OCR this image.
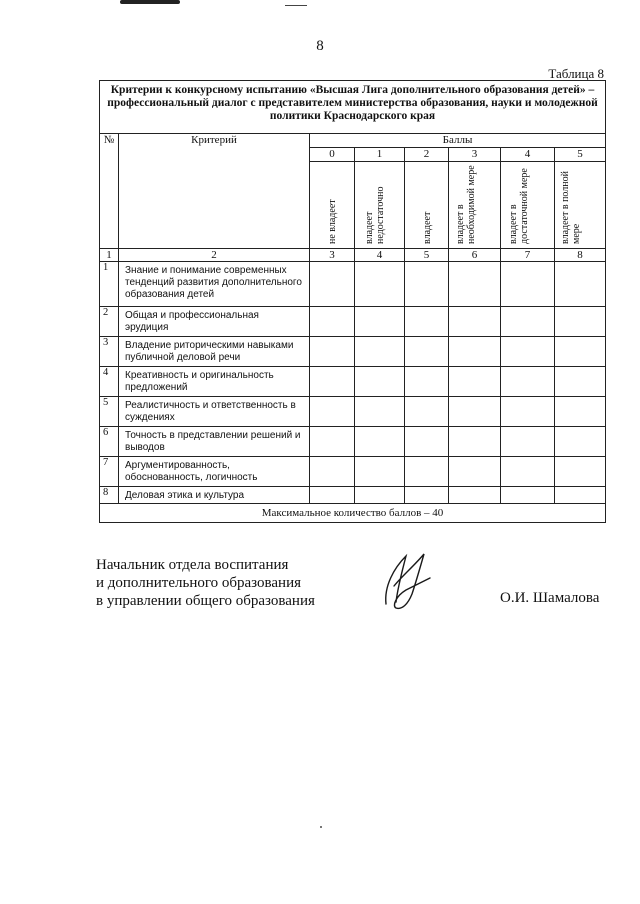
8
Таблица 8
Критерии к конкурсному испытанию «Высшая Лига дополнительного образования детей» – профессиональный диалог с представителем министерства образования, науки и молодежной политики Краснодарского края							
№	Критерий	Баллы					
		0	1	2	3	4	5

		не владеет	владеет недостаточно	владеет	владеет в необходимой мере	владеет в достаточной мере	владеет в полной мере

1	2	3	4	5	6	7	8
1	Знание и понимание современных тенденций развития дополнительного образования детей						
2	Общая и профессиональная эрудиция						
3	Владение риторическими навыками публичной деловой речи						
4	Креативность и оригинальность предложений						
5	Реалистичность и ответственность в суждениях						
6	Точность в представлении решений и выводов						
7	Аргументированность, обоснованность, логичность						
8	Деловая этика и культура						
Максимальное количество баллов – 40							
Начальник отдела воспитания
и дополнительного образования
в управлении общего образования	О.И. Шамалова
